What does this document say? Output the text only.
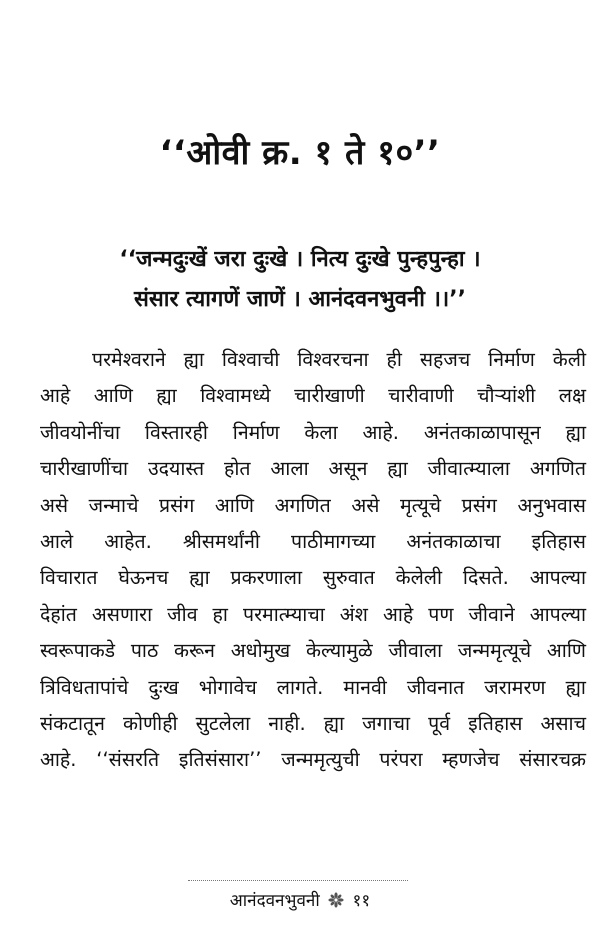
‘‘ओवी क्र. १ ते १०’’
‘‘जन्मदुःखें जरा दुःखे । नित्य दुःखे पुन्हपुन्हा ।
संसार त्यागणें जाणें । आनंदवनभुवनी ।।’’
परमेश्वराने ह्या विश्वाची विश्वरचना ही सहजच निर्माण केली
आहे आणि ह्या विश्वामध्ये चारीखाणी चारीवाणी चौऱ्यांशी लक्ष
जीवयोनींचा विस्तारही निर्माण केला आहे. अनंतकाळापासून ह्या
चारीखाणींचा उदयास्त होत आला असून ह्या जीवात्म्याला अगणित
असे जन्माचे प्रसंग आणि अगणित असे मृत्यूचे प्रसंग अनुभवास
आले आहेत. श्रीसमर्थांनी पाठीमागच्या अनंतकाळाचा इतिहास
विचारात घेऊनच ह्या प्रकरणाला सुरुवात केलेली दिसते. आपल्या
देहांत असणारा जीव हा परमात्म्याचा अंश आहे पण जीवाने आपल्या
स्वरूपाकडे पाठ करून अधोमुख केल्यामुळे जीवाला जन्ममृत्यूचे आणि
त्रिविधतापांचे दुःख भोगावेच लागते. मानवी जीवनात जरामरण ह्या
संकटातून कोणीही सुटलेला नाही. ह्या जगाचा पूर्व इतिहास असाच
आहे. ‘‘संसरति इतिसंसारा’’ जन्ममृत्युची परंपरा म्हणजेच संसारचक्र
आनंदवनभुवनी ११
